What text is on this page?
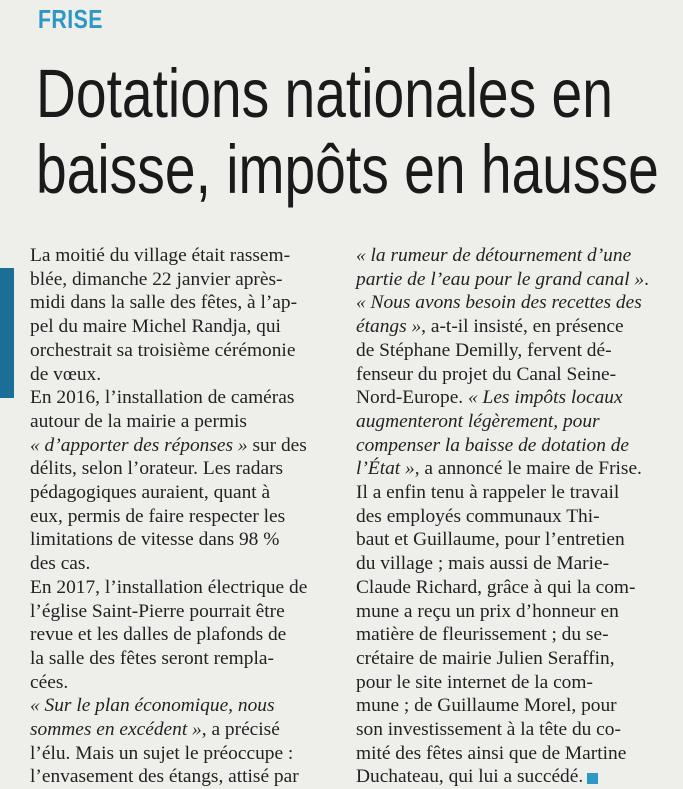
FRISE
Dotations nationales en
baisse, impôts en hausse
La moitié du village était rassem-
blée, dimanche 22 janvier après-
midi dans la salle des fêtes, à l’ap-
pel du maire Michel Randja, qui
orchestrait sa troisième cérémonie
de vœux.
En 2016, l’installation de caméras
autour de la mairie a permis
« d’apporter des réponses » sur des
délits, selon l’orateur. Les radars
pédagogiques auraient, quant à
eux, permis de faire respecter les
limitations de vitesse dans 98 %
des cas.
En 2017, l’installation électrique de
l’église Saint-Pierre pourrait être
revue et les dalles de plafonds de
la salle des fêtes seront rempla-
cées.
« Sur le plan économique, nous
sommes en excédent », a précisé
l’élu. Mais un sujet le préoccupe :
l’envasement des étangs, attisé par
« la rumeur de détournement d’une
partie de l’eau pour le grand canal ».
« Nous avons besoin des recettes des
étangs », a-t-il insisté, en présence
de Stéphane Demilly, fervent dé-
fenseur du projet du Canal Seine-
Nord-Europe. « Les impôts locaux
augmenteront légèrement, pour
compenser la baisse de dotation de
l’État », a annoncé le maire de Frise.
Il a enfin tenu à rappeler le travail
des employés communaux Thi-
baut et Guillaume, pour l’entretien
du village ; mais aussi de Marie-
Claude Richard, grâce à qui la com-
mune a reçu un prix d’honneur en
matière de fleurissement ; du se-
crétaire de mairie Julien Seraffin,
pour le site internet de la com-
mune ; de Guillaume Morel, pour
son investissement à la tête du co-
mité des fêtes ainsi que de Martine
Duchateau, qui lui a succédé.
